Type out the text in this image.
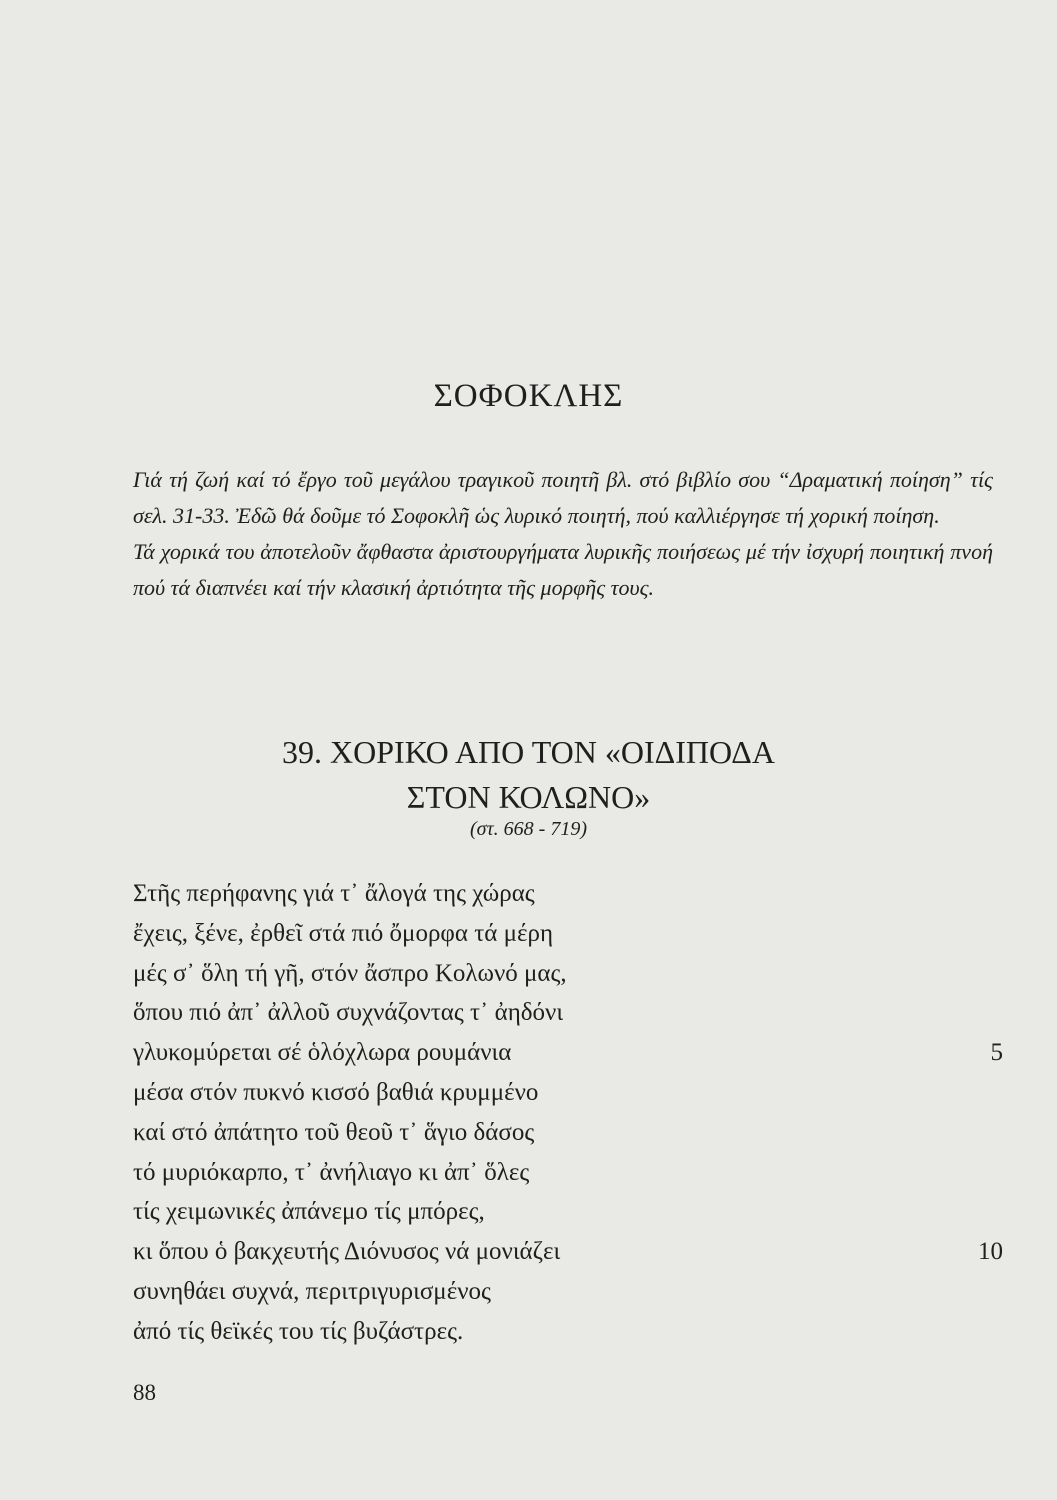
ΣΟΦΟΚΛΗΣ

Γιά τή ζωή καί τό ἔργο τοῦ μεγάλου τραγικοῦ ποιητῆ βλ. στό βιβλίο σου “Δραματική ποίηση” τίς σελ. 31-33. Ἐδῶ θά δοῦμε τό Σοφοκλῆ ὡς λυρικό ποιητή, πού καλλιέργησε τή χορική ποίηση.

Τά χορικά του ἀποτελοῦν ἄφθαστα ἀριστουργήματα λυρικῆς ποιήσεως μέ τήν ἰσχυρή ποιητική πνοή πού τά διαπνέει καί τήν κλασική ἀρτιότητα τῆς μορφῆς τους.

39. ΧΟΡΙΚΟ ΑΠΟ ΤΟΝ «ΟΙΔΙΠΟΔΑ
ΣΤΟΝ ΚΟΛΩΝΟ»
(στ. 668 - 719)
Στῆς περήφανης γιά τ᾿ ἄλογά της χώρας
ἔχεις, ξένε, ἐρθεῖ στά πιό ὄμορφα τά μέρη
μές σ᾿ ὅλη τή γῆ, στόν ἄσπρο Κολωνό μας,
ὅπου πιό ἀπ᾿ ἀλλοῦ συχνάζοντας τ᾿ ἀηδόνι
γλυκομύρεται σέ ὁλόχλωρα ρουμάνια	5
μέσα στόν πυκνό κισσό βαθιά κρυμμένο
καί στό ἀπάτητο τοῦ θεοῦ τ᾿ ἅγιο δάσος
τό μυριόκαρπο, τ᾿ ἀνήλιαγο κι ἀπ᾿ ὅλες
τίς χειμωνικές ἀπάνεμο τίς μπόρες,
κι ὅπου ὁ βακχευτής Διόνυσος νά μονιάζει	10
συνηθάει συχνά, περιτριγυρισμένος
ἀπό τίς θεϊκές του τίς βυζάστρες.
88
